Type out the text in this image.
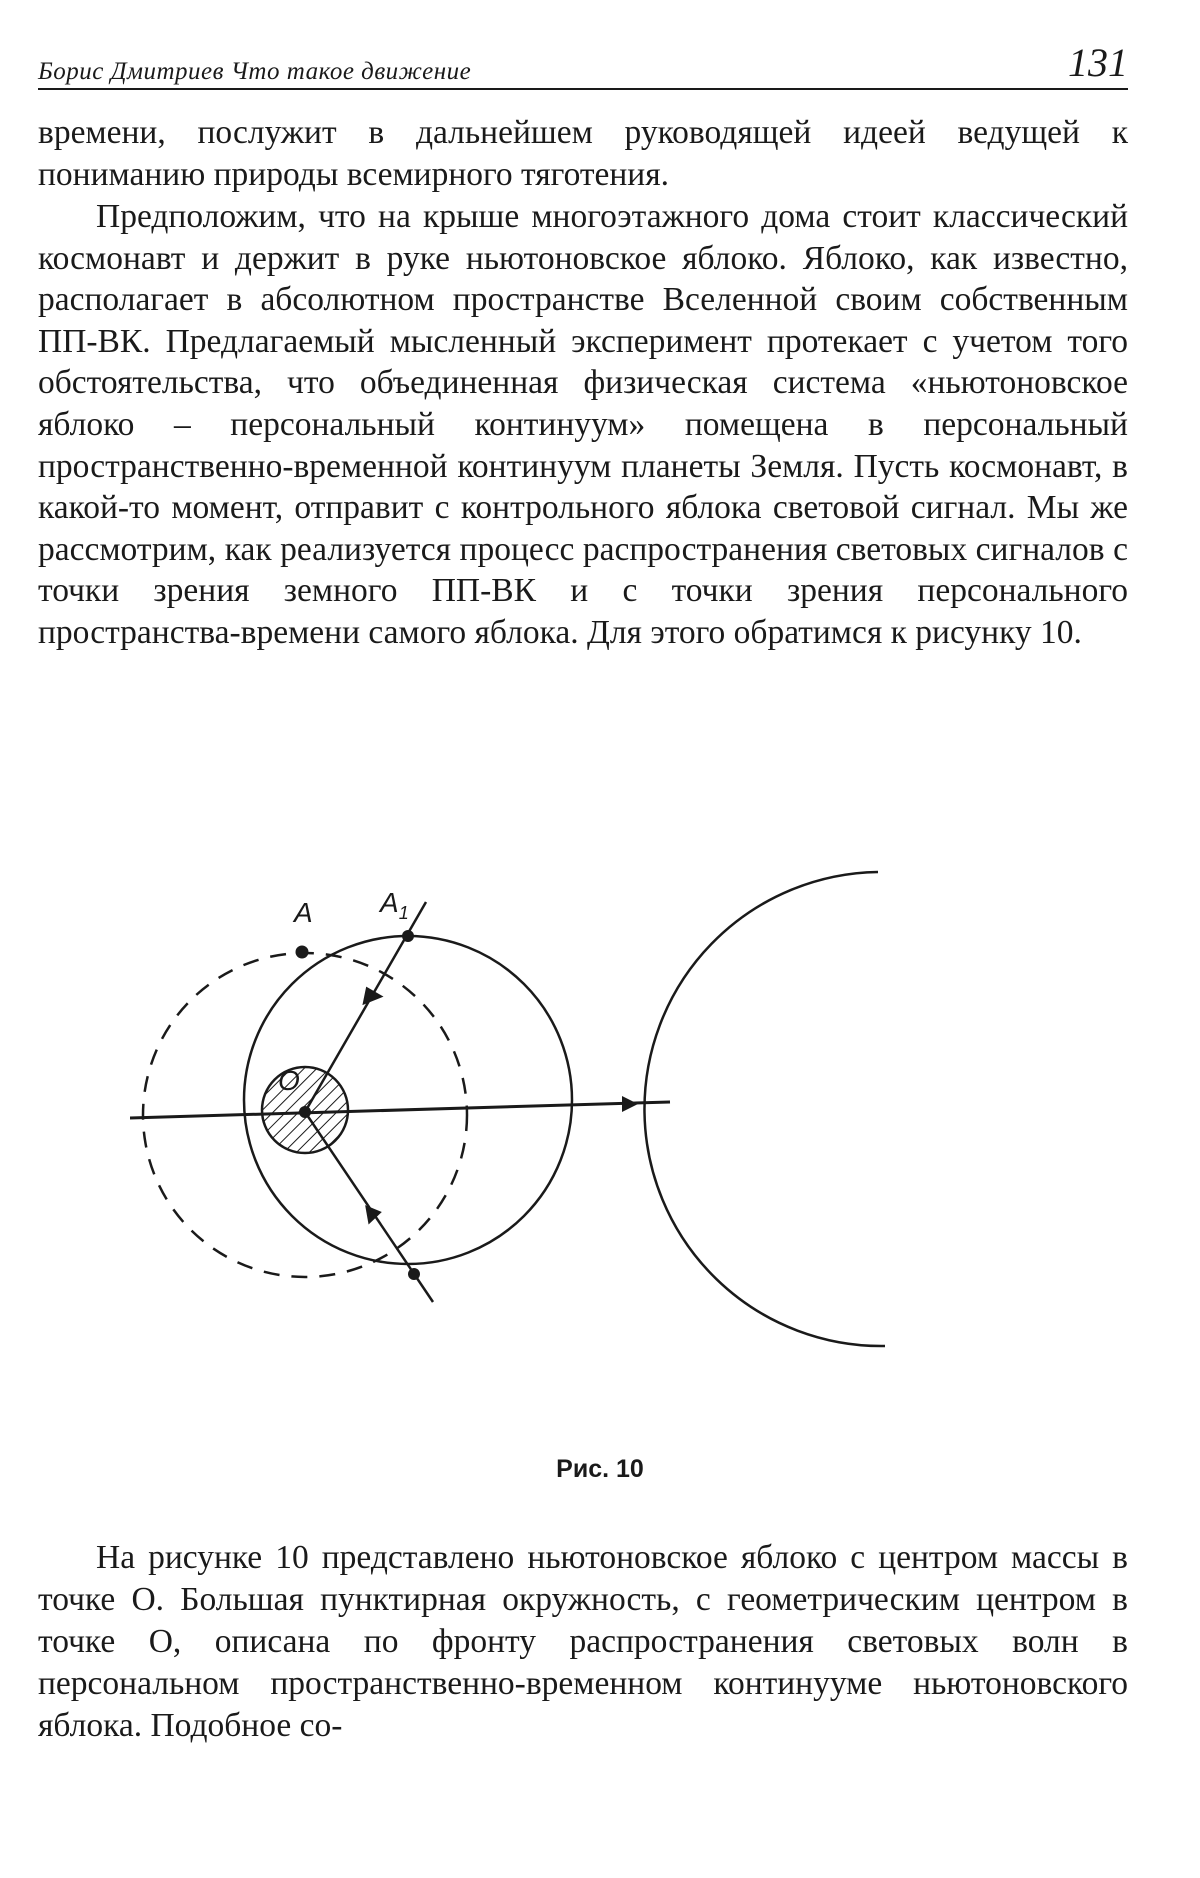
Борис Дмитриев Что такое движение	131

времени, послужит в дальнейшем руководящей идеей ведущей к пониманию природы всемирного тяготения.

Предположим, что на крыше многоэтажного дома стоит классический космонавт и держит в руке ньютоновское яблоко. Яблоко, как известно, располагает в абсолютном пространстве Вселенной своим собственным ПП-ВК. Предлагаемый мысленный эксперимент протекает с учетом того обстоятельства, что объединенная физическая система «ньютоновское яблоко – персональный континуум» помещена в персональный пространственно-временной континуум планеты Земля. Пусть космонавт, в какой-то момент, отправит с контрольного яблока световой сигнал. Мы же рассмотрим, как реализуется процесс распространения световых сигналов с точки зрения земного ПП-ВК и с точки зрения персонального пространства-времени самого яблока. Для этого обратимся к рисунку 10.

A $A_1$
O
Рис. 10

На рисунке 10 представлено ньютоновское яблоко с центром массы в точке O. Большая пунктирная окружность, с геометрическим центром в точке O, описана по фронту распространения световых волн в персональном пространственно-временном континууме ньютоновского яблока. Подобное со-
